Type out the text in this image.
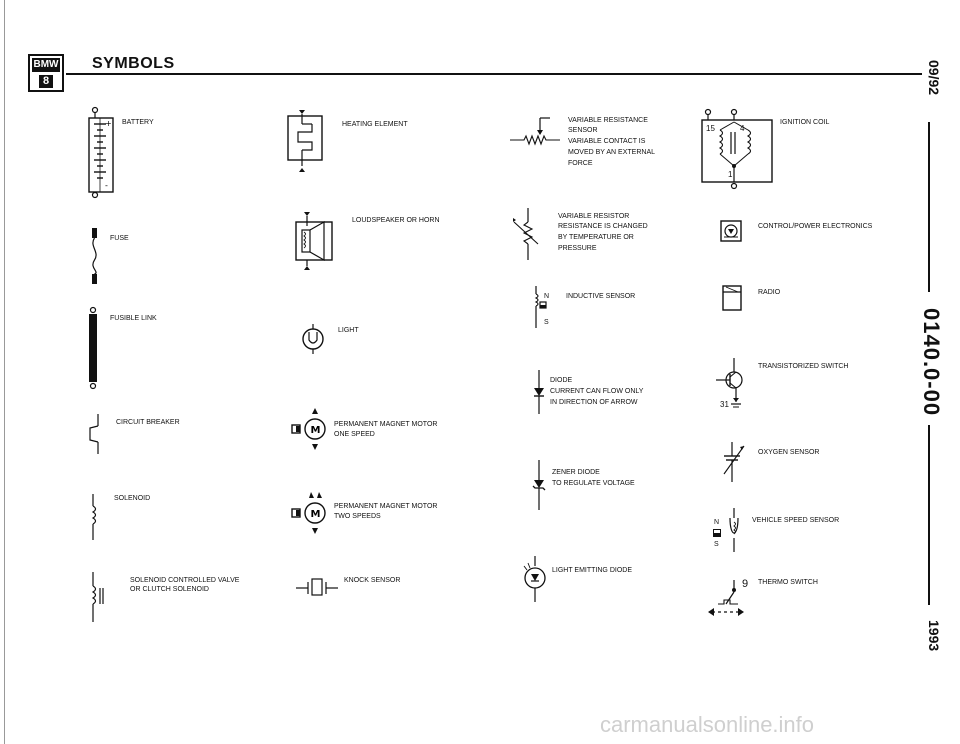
BMW
8
SYMBOLS	09/92
0140.0-00
1993
+
-
BATTERY
FUSE
FUSIBLE LINK
CIRCUIT BREAKER
SOLENOID
SOLENOID CONTROLLED VALVE
OR CLUTCH SOLENOID
HEATING ELEMENT
LOUDSPEAKER OR HORN
LIGHT
M
PERMANENT MAGNET MOTOR
ONE SPEED
M
PERMANENT MAGNET MOTOR
TWO SPEEDS
KNOCK SENSOR
VARIABLE RESISTANCE
SENSOR
VARIABLE CONTACT IS
MOVED BY AN EXTERNAL
FORCE
VARIABLE RESISTOR
RESISTANCE IS CHANGED
BY TEMPERATURE OR
PRESSURE
N
S
INDUCTIVE SENSOR
DIODE
CURRENT CAN FLOW ONLY
IN DIRECTION OF ARROW
ZENER DIODE
TO REGULATE VOLTAGE
LIGHT EMITTING DIODE
15	4
1
IGNITION COIL
CONTROL/POWER ELECTRONICS
RADIO
31
TRANSISTORIZED SWITCH
OXYGEN SENSOR
N
S
VEHICLE SPEED SENSOR
9 THERMO SWITCH
carmanualsonline.info
